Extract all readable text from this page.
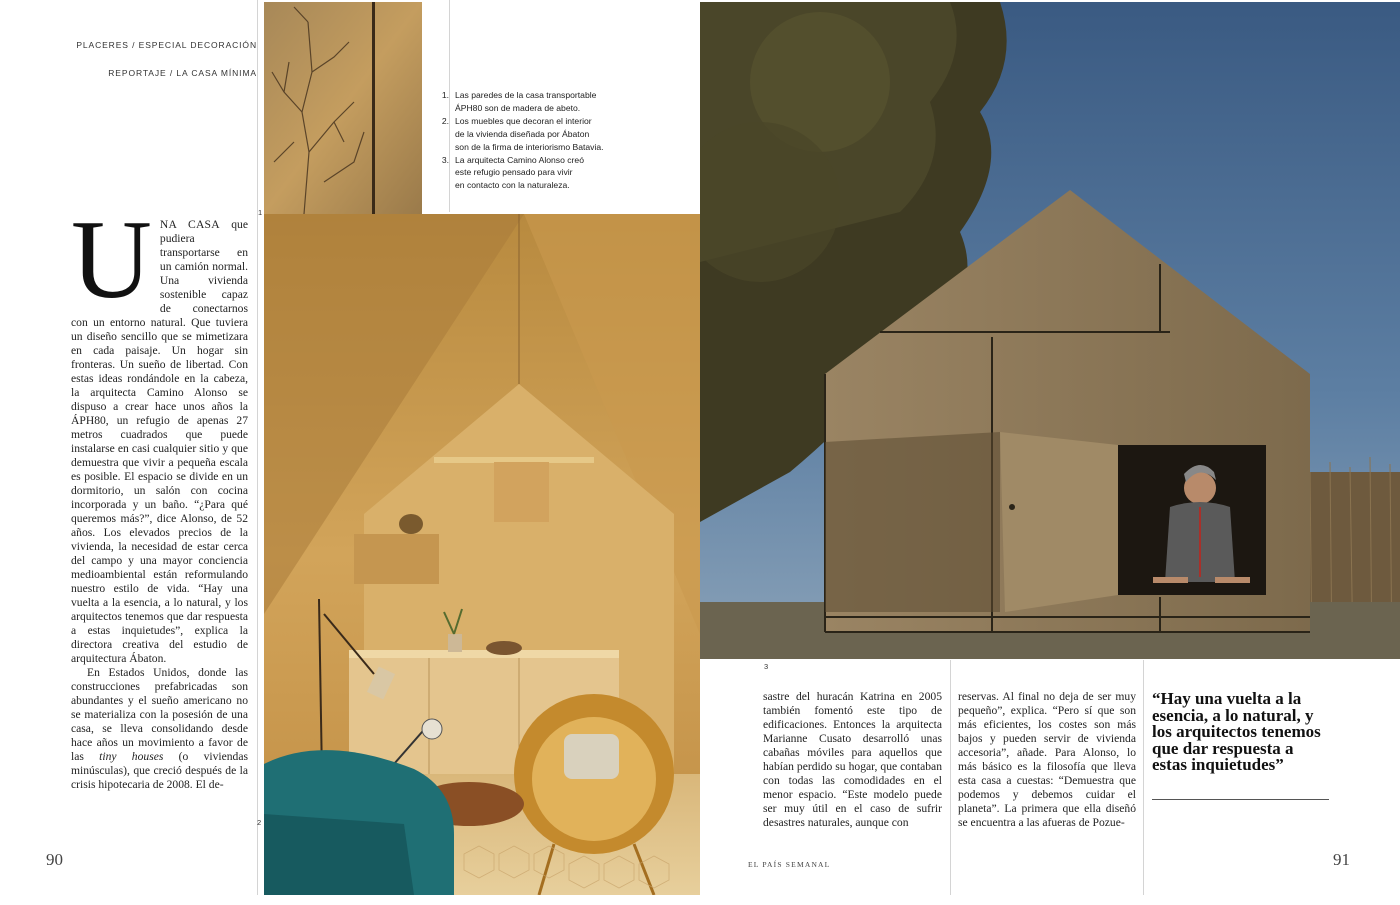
PLACERES / ESPECIAL DECORACIÓN
REPORTAJE / LA CASA MÍNIMA
1
1. Las paredes de la casa transportable
ÁPH80 son de madera de abeto.
2. Los muebles que decoran el interior
de la vivienda diseñada por Ábaton
son de la firma de interiorismo Batavia.
3. La arquitecta Camino Alonso creó
este refugio pensado para vivir
en contacto con la naturaleza.
2

UNA CASA que pudiera transportarse en un camión normal. Una vivienda sostenible capaz de conectarnos con un entorno natural. Que tuviera un diseño sencillo que se mimetizara en cada paisaje. Un hogar sin fronteras. Un sueño de libertad. Con estas ideas rondándole en la cabeza, la arquitecta Camino Alonso se dispuso a crear hace unos años la ÁPH80, un refugio de apenas 27 metros cuadrados que puede instalarse en casi cualquier sitio y que demuestra que vivir a pequeña escala es posible. El espacio se divide en un dormitorio, un salón con cocina incorporada y un baño. “¿Para qué queremos más?”, dice Alonso, de 52 años. Los elevados precios de la vivienda, la necesidad de estar cerca del campo y una mayor conciencia medioambiental están reformulando nuestro estilo de vida. “Hay una vuelta a la esencia, a lo natural, y los arquitectos tenemos que dar respuesta a estas inquietudes”, explica la directora creativa del estudio de arquitectura Ábaton.

En Estados Unidos, donde las construcciones prefabricadas son abundantes y el sueño americano no se materializa con la posesión de una casa, se lleva consolidando desde hace años un movimiento a favor de las tiny houses (o viviendas minúsculas), que creció después de la crisis hipotecaria de 2008. El de-

90
3

sastre del huracán Katrina en 2005 también fomentó este tipo de edificaciones. Entonces la arquitecta Marianne Cusato desarrolló unas cabañas móviles para aquellos que habían perdido su hogar, que contaban con todas las comodidades en el menor espacio. “Este modelo puede ser muy útil en el caso de sufrir desastres naturales, aunque con

reservas. Al final no deja de ser muy pequeño”, explica. “Pero sí que son más eficientes, los costes son más bajos y pueden servir de vivienda accesoria”, añade. Para Alonso, lo más básico es la filosofía que lleva esta casa a cuestas: “Demuestra que podemos y debemos cuidar el planeta”. La primera que ella diseñó se encuentra a las afueras de Pozue-

“Hay una vuelta a la esencia, a lo natural, y los arquitectos tenemos que dar respuesta a estas inquietudes”
EL PAÍS SEMANAL	91
